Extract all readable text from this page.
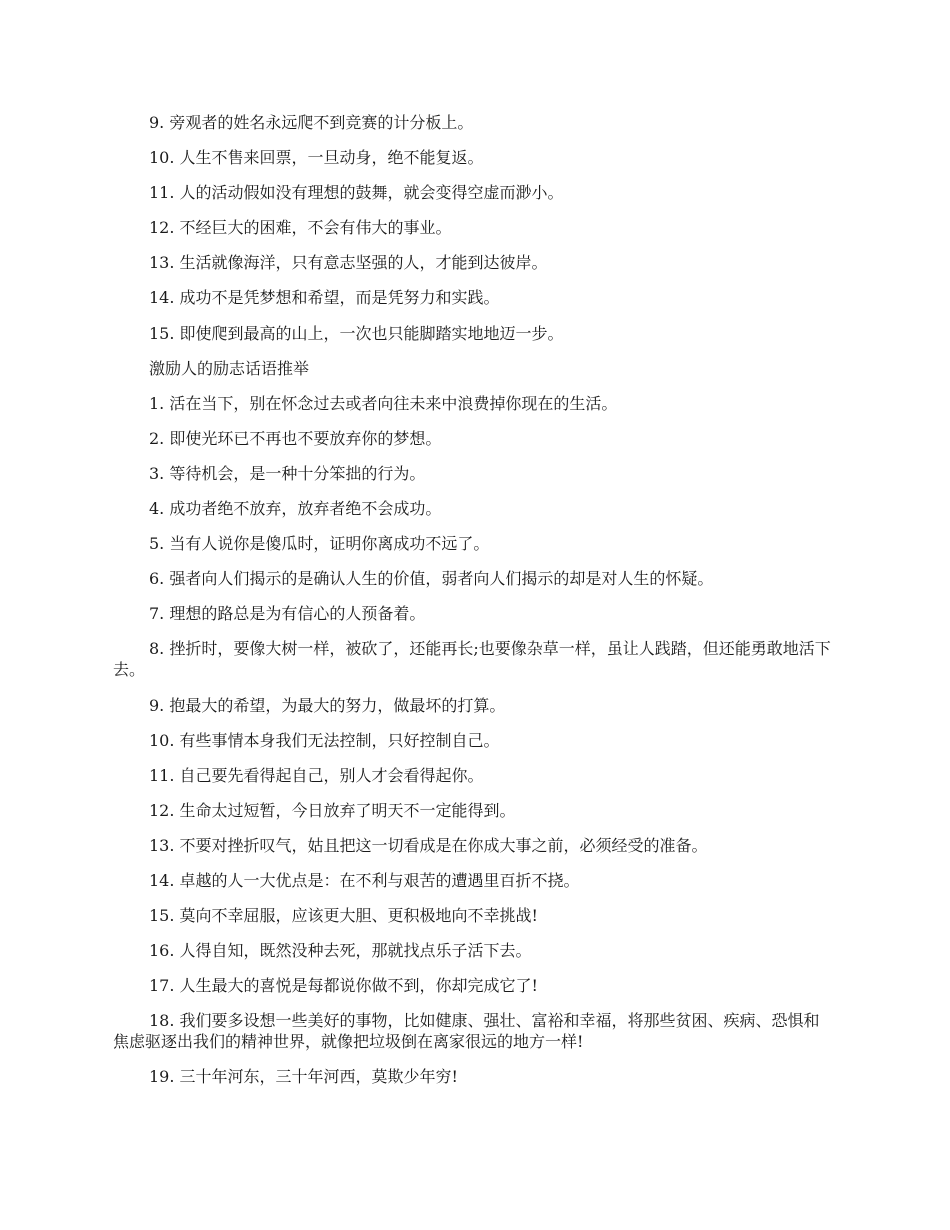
9. 旁观者的姓名永远爬不到竞赛的计分板上。

10. 人生不售来回票，一旦动身，绝不能复返。

11. 人的活动假如没有理想的鼓舞，就会变得空虚而渺小。

12. 不经巨大的困难，不会有伟大的事业。

13. 生活就像海洋，只有意志坚强的人，才能到达彼岸。

14. 成功不是凭梦想和希望，而是凭努力和实践。

15. 即使爬到最高的山上，一次也只能脚踏实地地迈一步。

激励人的励志话语推举

1. 活在当下，别在怀念过去或者向往未来中浪费掉你现在的生活。

2. 即使光环已不再也不要放弃你的梦想。

3. 等待机会，是一种十分笨拙的行为。

4. 成功者绝不放弃，放弃者绝不会成功。

5. 当有人说你是傻瓜时，证明你离成功不远了。

6. 强者向人们揭示的是确认人生的价值，弱者向人们揭示的却是对人生的怀疑。

7. 理想的路总是为有信心的人预备着。

8. 挫折时，要像大树一样，被砍了，还能再长;也要像杂草一样，虽让人践踏，但还能勇敢地活下去。

9. 抱最大的希望，为最大的努力，做最坏的打算。

10. 有些事情本身我们无法控制，只好控制自己。

11. 自己要先看得起自己，别人才会看得起你。

12. 生命太过短暂，今日放弃了明天不一定能得到。

13. 不要对挫折叹气，姑且把这一切看成是在你成大事之前，必须经受的准备。

14. 卓越的人一大优点是：在不利与艰苦的遭遇里百折不挠。

15. 莫向不幸屈服，应该更大胆、更积极地向不幸挑战!

16. 人得自知，既然没种去死，那就找点乐子活下去。

17. 人生最大的喜悦是每都说你做不到，你却完成它了!

18. 我们要多设想一些美好的事物，比如健康、强壮、富裕和幸福，将那些贫困、疾病、恐惧和焦虑驱逐出我们的精神世界，就像把垃圾倒在离家很远的地方一样!

19. 三十年河东，三十年河西，莫欺少年穷!
